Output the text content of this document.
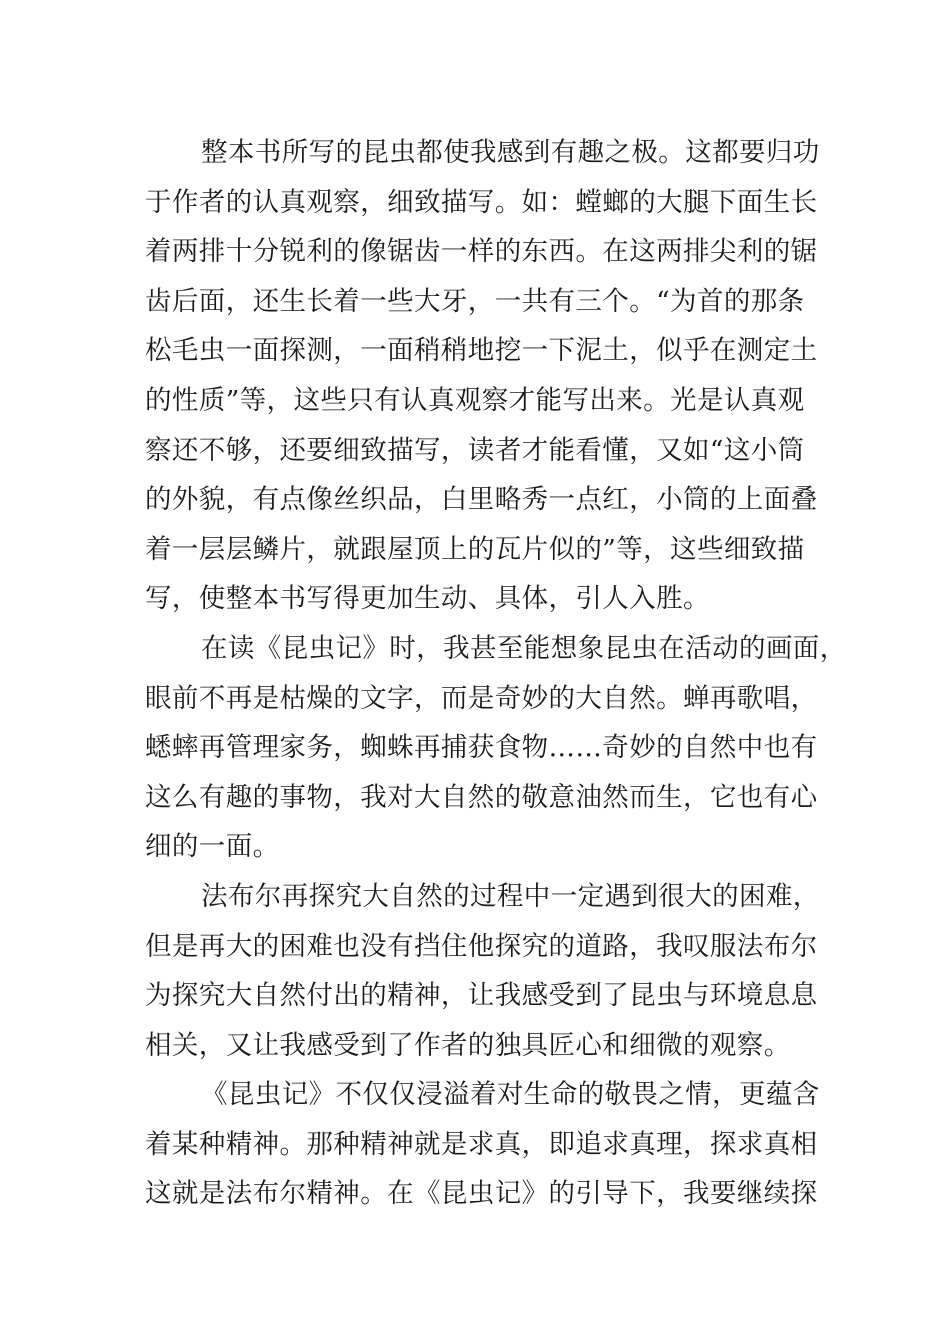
整本书所写的昆虫都使我感到有趣之极。这都要归功
于作者的认真观察，细致描写。如：螳螂的大腿下面生长
着两排十分锐利的像锯齿一样的东西。在这两排尖利的锯
齿后面，还生长着一些大牙，一共有三个。“为首的那条
松毛虫一面探测，一面稍稍地挖一下泥土，似乎在测定土
的性质”等，这些只有认真观察才能写出来。光是认真观
察还不够，还要细致描写，读者才能看懂，又如“这小筒
的外貌，有点像丝织品，白里略秀一点红，小筒的上面叠
着一层层鳞片，就跟屋顶上的瓦片似的”等，这些细致描
写，使整本书写得更加生动、具体，引人入胜。
在读《昆虫记》时，我甚至能想象昆虫在活动的画面，
眼前不再是枯燥的文字，而是奇妙的大自然。蝉再歌唱，
蟋蟀再管理家务，蜘蛛再捕获食物……奇妙的自然中也有
这么有趣的事物，我对大自然的敬意油然而生，它也有心
细的一面。
法布尔再探究大自然的过程中一定遇到很大的困难，
但是再大的困难也没有挡住他探究的道路，我叹服法布尔
为探究大自然付出的精神，让我感受到了昆虫与环境息息
相关，又让我感受到了作者的独具匠心和细微的观察。
《昆虫记》不仅仅浸溢着对生命的敬畏之情，更蕴含
着某种精神。那种精神就是求真，即追求真理，探求真相
这就是法布尔精神。在《昆虫记》的引导下，我要继续探
